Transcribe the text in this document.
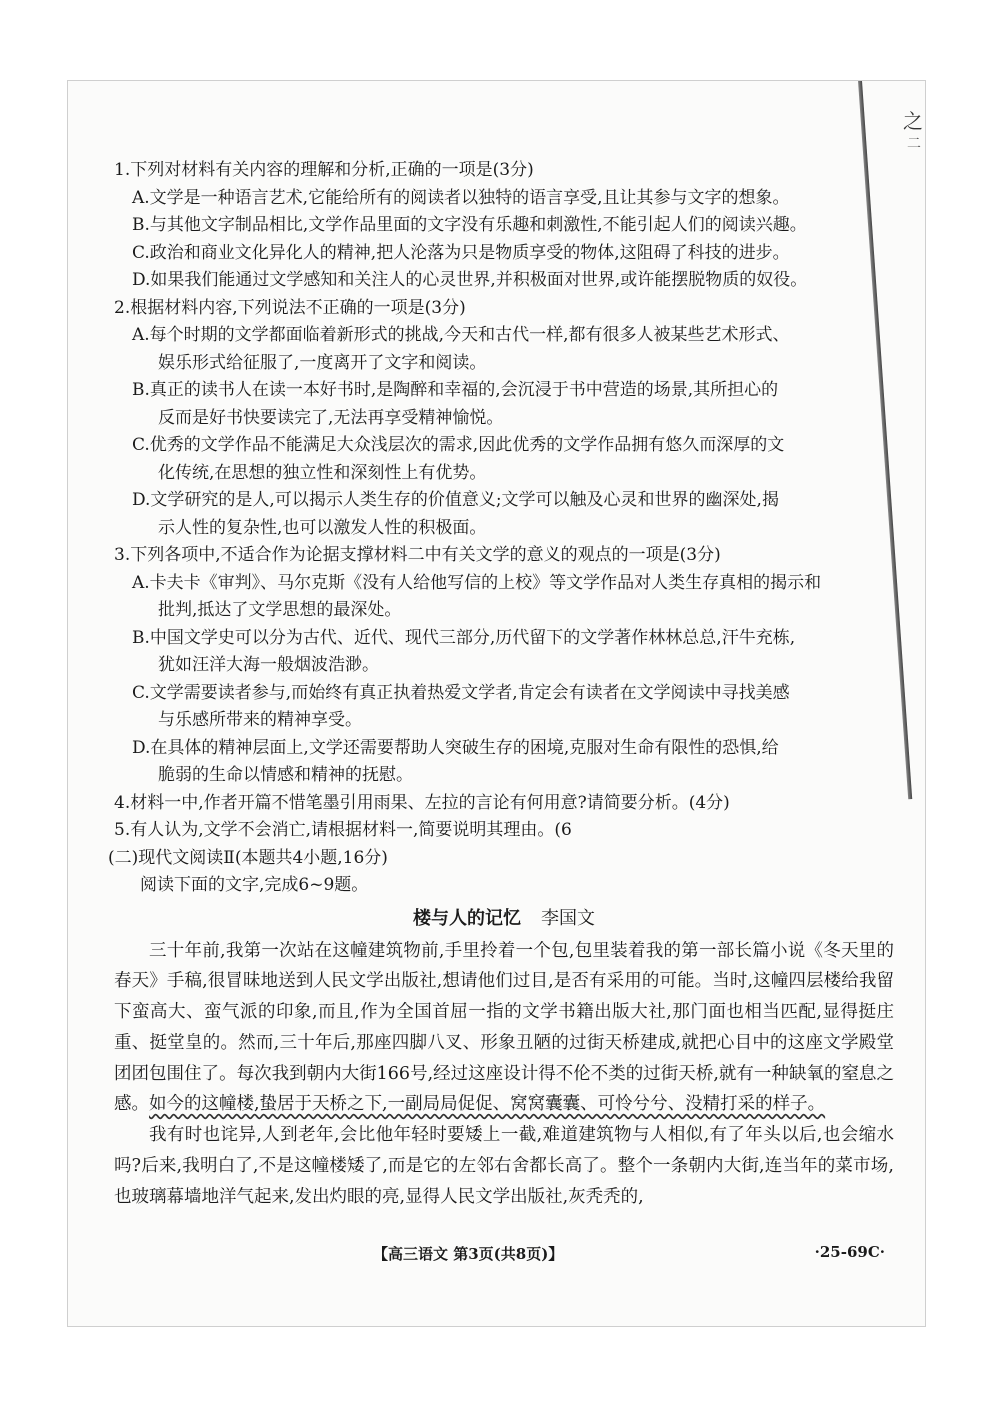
之
二
1.下列对材料有关内容的理解和分析,正确的一项是(3分)
A.文学是一种语言艺术,它能给所有的阅读者以独特的语言享受,且让其参与文字的想象。
B.与其他文字制品相比,文学作品里面的文字没有乐趣和刺激性,不能引起人们的阅读兴趣。
C.政治和商业文化异化人的精神,把人沦落为只是物质享受的物体,这阻碍了科技的进步。
D.如果我们能通过文学感知和关注人的心灵世界,并积极面对世界,或许能摆脱物质的奴役。
2.根据材料内容,下列说法不正确的一项是(3分)
A.每个时期的文学都面临着新形式的挑战,今天和古代一样,都有很多人被某些艺术形式、
娱乐形式给征服了,一度离开了文字和阅读。
B.真正的读书人在读一本好书时,是陶醉和幸福的,会沉浸于书中营造的场景,其所担心的
反而是好书快要读完了,无法再享受精神愉悦。
C.优秀的文学作品不能满足大众浅层次的需求,因此优秀的文学作品拥有悠久而深厚的文
化传统,在思想的独立性和深刻性上有优势。
D.文学研究的是人,可以揭示人类生存的价值意义;文学可以触及心灵和世界的幽深处,揭
示人性的复杂性,也可以激发人性的积极面。
3.下列各项中,不适合作为论据支撑材料二中有关文学的意义的观点的一项是(3分)
A.卡夫卡《审判》、马尔克斯《没有人给他写信的上校》等文学作品对人类生存真相的揭示和
批判,抵达了文学思想的最深处。
B.中国文学史可以分为古代、近代、现代三部分,历代留下的文学著作林林总总,汗牛充栋,
犹如汪洋大海一般烟波浩渺。
C.文学需要读者参与,而始终有真正执着热爱文学者,肯定会有读者在文学阅读中寻找美感
与乐感所带来的精神享受。
D.在具体的精神层面上,文学还需要帮助人突破生存的困境,克服对生命有限性的恐惧,给
脆弱的生命以情感和精神的抚慰。
4.材料一中,作者开篇不惜笔墨引用雨果、左拉的言论有何用意?请简要分析。(4分)
5.有人认为,文学不会消亡,请根据材料一,简要说明其理由。(6
(二)现代文阅读Ⅱ(本题共4小题,16分)
阅读下面的文字,完成6~9题。
楼与人的记忆 李国文

三十年前,我第一次站在这幢建筑物前,手里拎着一个包,包里装着我的第一部长篇小说《冬天里的春天》手稿,很冒昧地送到人民文学出版社,想请他们过目,是否有采用的可能。当时,这幢四层楼给我留下蛮高大、蛮气派的印象,而且,作为全国首屈一指的文学书籍出版大社,那门面也相当匹配,显得挺庄重、挺堂皇的。然而,三十年后,那座四脚八叉、形象丑陋的过街天桥建成,就把心目中的这座文学殿堂团团包围住了。每次我到朝内大街166号,经过这座设计得不伦不类的过街天桥,就有一种缺氧的窒息之感。如今的这幢楼,蛰居于天桥之下,一副局局促促、窝窝囊囊、可怜兮兮、没精打采的样子。

我有时也诧异,人到老年,会比他年轻时要矮上一截,难道建筑物与人相似,有了年头以后,也会缩水吗?后来,我明白了,不是这幢楼矮了,而是它的左邻右舍都长高了。整个一条朝内大街,连当年的菜市场,也玻璃幕墙地洋气起来,发出灼眼的亮,显得人民文学出版社,灰秃秃的,

【高三语文 第3页(共8页)】	·25-69C·
